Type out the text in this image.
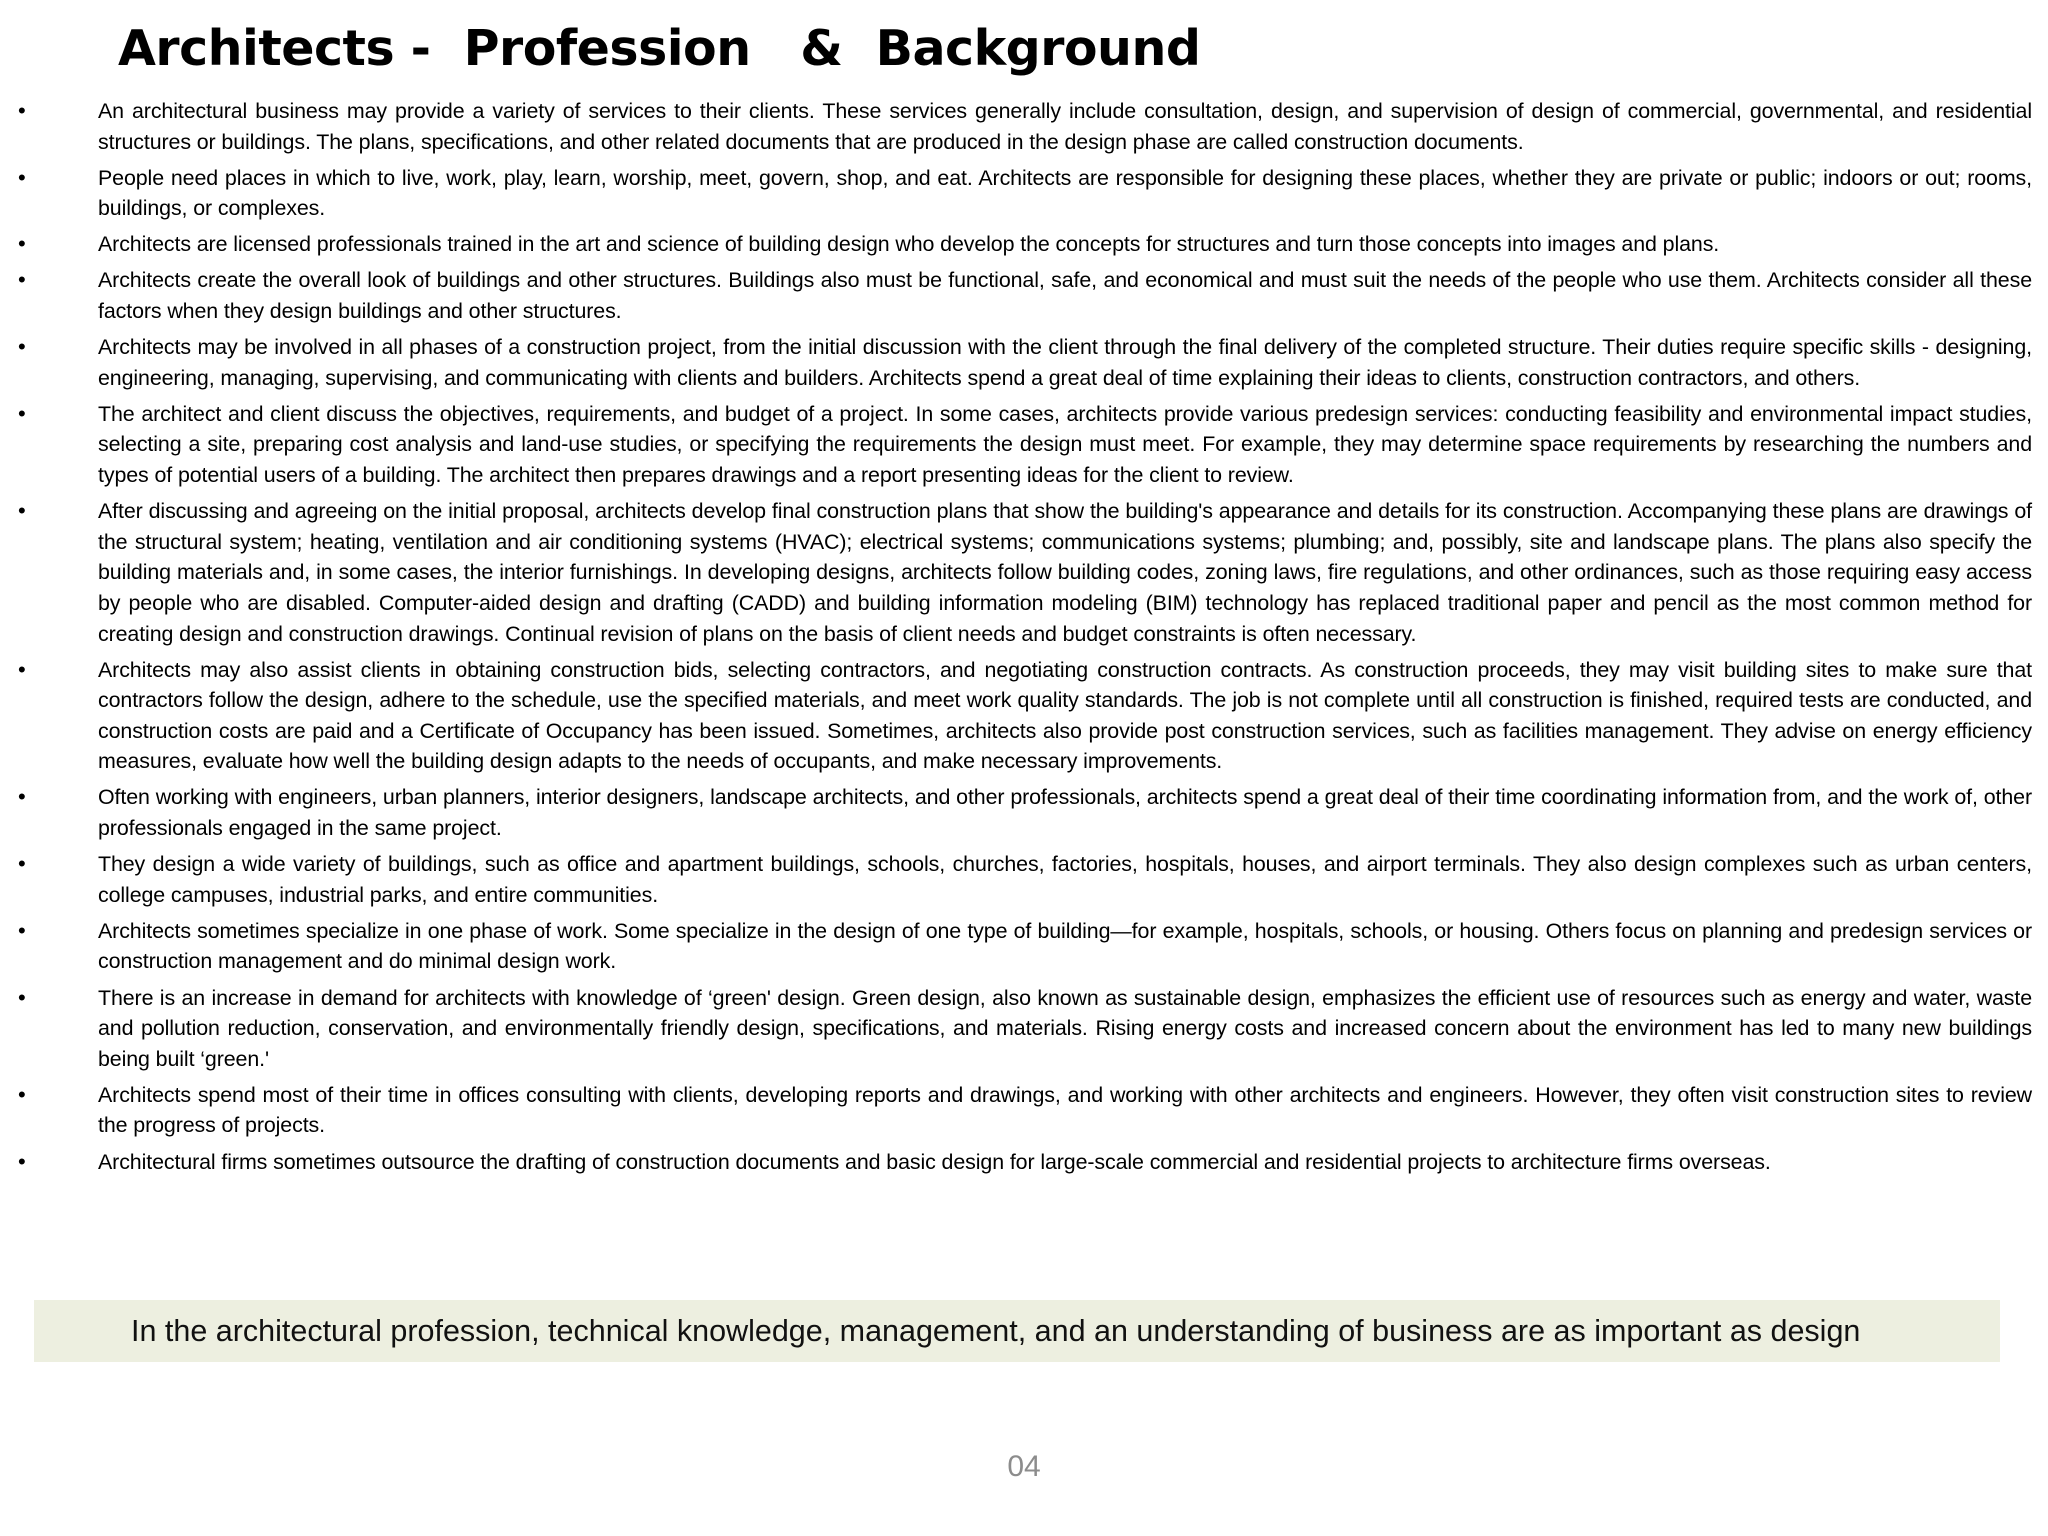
Architects -  Profession   &  Background
•	An architectural business may provide a variety of services to their clients. These services generally include consultation, design, and supervision of design of commercial, governmental, and residential structures or buildings. The plans, specifications, and other related documents that are produced in the design phase are called construction documents.
•	People need places in which to live, work, play, learn, worship, meet, govern, shop, and eat. Architects are responsible for designing these places, whether they are private or public; indoors or out; rooms, buildings, or complexes.
•	Architects are licensed professionals trained in the art and science of building design who develop the concepts for structures and turn those concepts into images and plans.
•	Architects create the overall look of buildings and other structures. Buildings also must be functional, safe, and economical and must suit the needs of the people who use them. Architects consider all these factors when they design buildings and other structures.
•	Architects may be involved in all phases of a construction project, from the initial discussion with the client through the final delivery of the completed structure. Their duties require specific skills - designing, engineering, managing, supervising, and communicating with clients and builders. Architects spend a great deal of time explaining their ideas to clients, construction contractors, and others.
•	The architect and client discuss the objectives, requirements, and budget of a project. In some cases, architects provide various predesign services: conducting feasibility and environmental impact studies, selecting a site, preparing cost analysis and land-use studies, or specifying the requirements the design must meet. For example, they may determine space requirements by researching the numbers and types of potential users of a building. The architect then prepares drawings and a report presenting ideas for the client to review.
•	After discussing and agreeing on the initial proposal, architects develop final construction plans that show the building's appearance and details for its construction. Accompanying these plans are drawings of the structural system; heating, ventilation and air conditioning systems (HVAC); electrical systems; communications systems; plumbing; and, possibly, site and landscape plans. The plans also specify the building materials and, in some cases, the interior furnishings. In developing designs, architects follow building codes, zoning laws, fire regulations, and other ordinances, such as those requiring easy access by people who are disabled. Computer-aided design and drafting (CADD) and building information modeling (BIM) technology has replaced traditional paper and pencil as the most common method for creating design and construction drawings. Continual revision of plans on the basis of client needs and budget constraints is often necessary.
•	Architects may also assist clients in obtaining construction bids, selecting contractors, and negotiating construction contracts. As construction proceeds, they may visit building sites to make sure that contractors follow the design, adhere to the schedule, use the specified materials, and meet work quality standards. The job is not complete until all construction is finished, required tests are conducted, and construction costs are paid and a Certificate of Occupancy has been issued. Sometimes, architects also provide post construction services, such as facilities management. They advise on energy efficiency measures, evaluate how well the building design adapts to the needs of occupants, and make necessary improvements.
•	Often working with engineers, urban planners, interior designers, landscape architects, and other professionals, architects spend a great deal of their time coordinating information from, and the work of, other professionals engaged in the same project.
•	They design a wide variety of buildings, such as office and apartment buildings, schools, churches, factories, hospitals, houses, and airport terminals. They also design complexes such as urban centers, college campuses, industrial parks, and entire communities.
•	Architects sometimes specialize in one phase of work. Some specialize in the design of one type of building—for example, hospitals, schools, or housing. Others focus on planning and predesign services or construction management and do minimal design work.
•	There is an increase in demand for architects with knowledge of ‘green' design. Green design, also known as sustainable design, emphasizes the efficient use of resources such as energy and water, waste and pollution reduction, conservation, and environmentally friendly design, specifications, and materials. Rising energy costs and increased concern about the environment has led to many new buildings being built ‘green.'
•	Architects spend most of their time in offices consulting with clients, developing reports and drawings, and working with other architects and engineers. However, they often visit construction sites to review the progress of projects.
•	Architectural firms sometimes outsource the drafting of construction documents and basic design for large-scale commercial and residential projects to architecture firms overseas.
In the architectural profession, technical knowledge, management, and an understanding of business are as important as design
04
